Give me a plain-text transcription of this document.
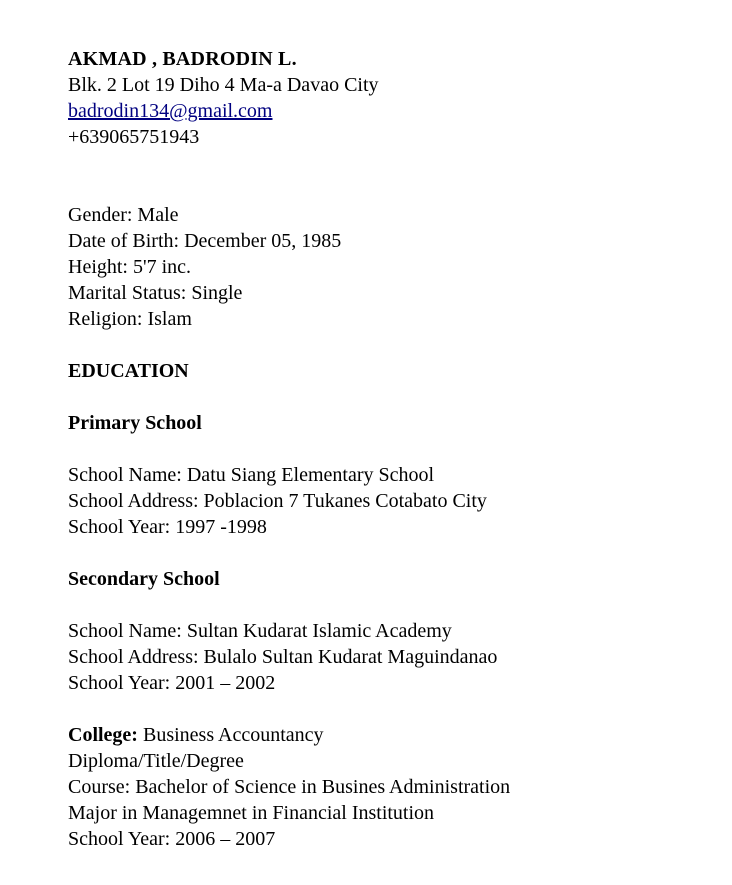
AKMAD , BADRODIN L.
Blk. 2 Lot 19 Diho 4 Ma-a Davao City
badrodin134@gmail.com
+639065751943
Gender: Male
Date of Birth: December 05, 1985
Height: 5'7 inc.
Marital Status: Single
Religion: Islam
EDUCATION
Primary School
School Name: Datu Siang Elementary School
School Address: Poblacion 7 Tukanes Cotabato City
School Year: 1997 -1998
Secondary School
School Name: Sultan Kudarat Islamic Academy
School Address: Bulalo Sultan Kudarat Maguindanao
School Year: 2001 – 2002
College: Business Accountancy
Diploma/Title/Degree
Course: Bachelor of Science in Busines Administration
Major in Managemnet in Financial Institution
School Year: 2006 – 2007
